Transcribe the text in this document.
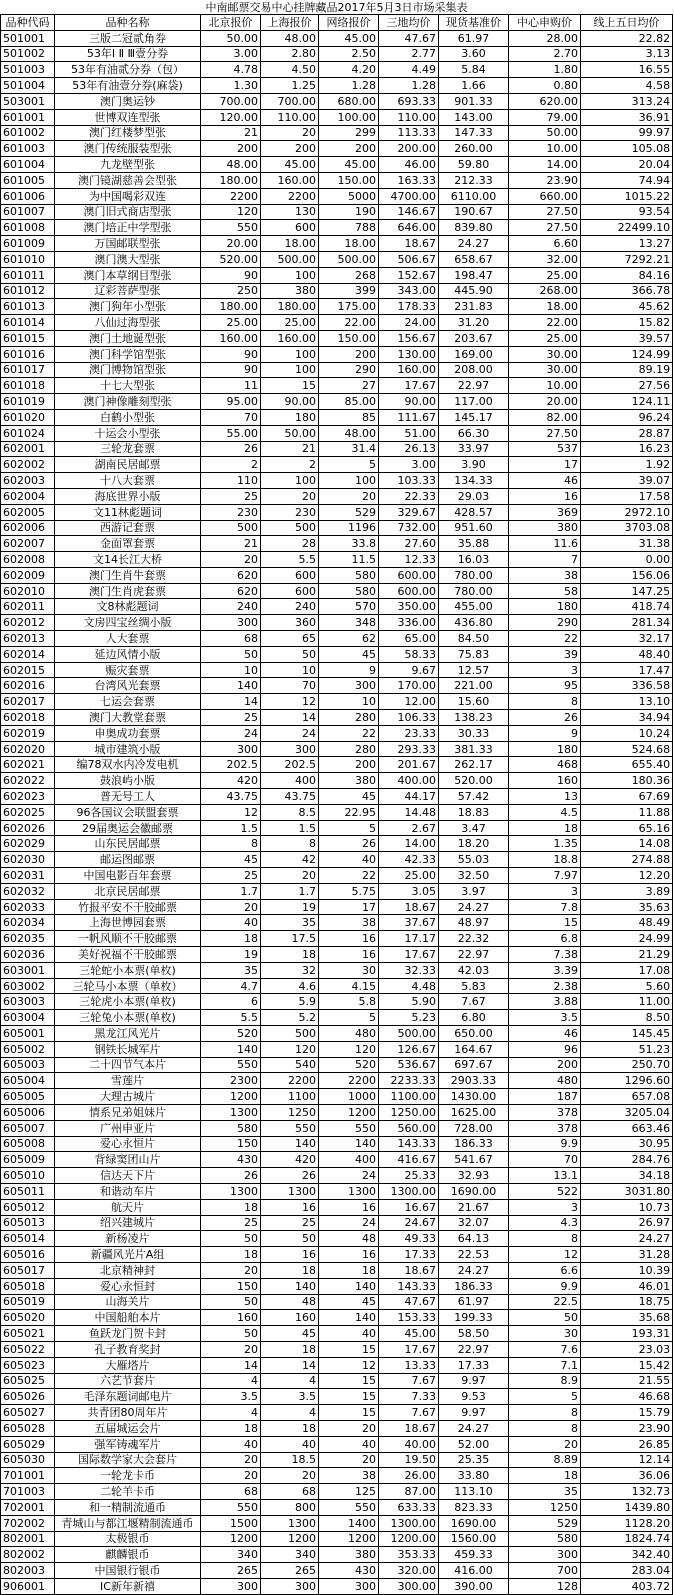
中南邮票交易中心挂牌藏品2017年5月3日市场采集表								
品种代码	品种名称	北京报价	上海报价	网络报价	三地均价	现货基准价	中心申购价	线上五日均价
501001	三版二冠贰角券	50.00	48.00	45.00	47.67	61.97	28.00	22.82
501002	53年Ⅰ Ⅱ Ⅲ壹分券	3.00	2.80	2.50	2.77	3.60	2.70	3.13
501003	53年有油贰分券（包）	4.78	4.50	4.20	4.49	5.84	1.80	16.55
501004	53年有油壹分券(麻袋)	1.30	1.25	1.28	1.28	1.66	0.80	4.58
503001	澳门奥运钞	700.00	700.00	680.00	693.33	901.33	620.00	313.24
601001	世博双连型张	120.00	110.00	100.00	110.00	143.00	79.00	36.91
601002	澳门红楼梦型张	21	20	299	113.33	147.33	50.00	99.97
601003	澳门传统服装型张	200	200	200	200.00	260.00	10.00	105.08
601004	九龙壁型张	48.00	45.00	45.00	46.00	59.80	14.00	20.04
601005	澳门镜湖慈善会型张	180.00	160.00	150.00	163.33	212.33	23.90	74.94
601006	为中国喝彩双连	2200	2200	5000	4700.00	6110.00	660.00	1015.22
601007	澳门旧式商店型张	120	130	190	146.67	190.67	27.50	93.54
601008	澳门培正中学型张	550	600	788	646.00	839.80	27.50	22499.10
601009	万国邮联型张	20.00	18.00	18.00	18.67	24.27	6.60	13.27
601010	澳门澳大型张	520.00	500.00	500.00	506.67	658.67	32.00	7292.21
601011	澳门本草纲目型张	90	100	268	152.67	198.47	25.00	84.16
601012	辽彩菩萨型张	250	380	399	343.00	445.90	268.00	366.78
601013	澳门狗年小型张	180.00	180.00	175.00	178.33	231.83	18.00	45.62
601014	八仙过海型张	25.00	25.00	22.00	24.00	31.20	22.00	15.82
601015	澳门土地诞型张	160.00	160.00	150.00	156.67	203.67	25.00	39.57
601016	澳门科学馆型张	90	100	200	130.00	169.00	30.00	124.99
601017	澳门博物馆型张	90	100	290	160.00	208.00	30.00	89.19
601018	十七大型张	11	15	27	17.67	22.97	10.00	27.56
601019	澳门神像雕刻型张	95.00	90.00	85.00	90.00	117.00	20.00	124.11
601020	白鹤小型张	70	180	85	111.67	145.17	82.00	96.24
601024	十运会小型张	55.00	50.00	48.00	51.00	66.30	27.50	28.87
602001	三轮龙套票	26	21	31.4	26.13	33.97	537	16.23
602002	湖南民居邮票	2	2	5	3.00	3.90	17	1.92
602003	十八大套票	110	100	100	103.33	134.33	46	39.07
602004	海底世界小版	25	20	20	22.33	29.03	16	17.58
602005	文11林彪题词	230	230	529	329.67	428.57	369	2972.10
602006	西游记套票	500	500	1196	732.00	951.60	380	3703.08
602007	金面罩套票	21	28	33.8	27.60	35.88	11.6	31.38
602008	文14长江大桥	20	5.5	11.5	12.33	16.03	7	0.00
602009	澳门生肖牛套票	620	600	580	600.00	780.00	38	156.06
602010	澳门生肖虎套票	620	600	580	600.00	780.00	58	147.25
602011	文8林彪题词	240	240	570	350.00	455.00	180	418.74
602012	文房四宝丝绸小版	300	360	348	336.00	436.80	290	281.34
602013	人大套票	68	65	62	65.00	84.50	22	32.17
602014	延边风情小版	50	50	45	58.33	75.83	39	48.40
602015	赈灾套票	10	10	9	9.67	12.57	3	17.47
602016	台湾风光套票	140	70	300	170.00	221.00	95	336.58
602017	七运会套票	14	12	10	12.00	15.60	8	13.10
602018	澳门大教堂套票	25	14	280	106.33	138.23	26	34.94
602019	申奥成功套票	24	24	22	23.33	30.33	9	10.24
602020	城市建筑小版	300	300	280	293.33	381.33	180	524.68
602021	编78双水内冷发电机	202.5	202.5	200	201.67	262.17	468	655.40
602022	鼓浪屿小版	420	400	380	400.00	520.00	160	180.36
602023	普无号工人	43.75	43.75	45	44.17	57.42	13	67.69
602025	96各国议会联盟套票	12	8.5	22.95	14.48	18.83	4.5	11.88
602026	29届奥运会徽邮票	1.5	1.5	5	2.67	3.47	18	65.16
602029	山东民居邮票	8	8	26	14.00	18.20	1.35	14.08
602030	邮运图邮票	45	42	40	42.33	55.03	18.8	274.88
602031	中国电影百年套票	25	20	22	25.00	32.50	7.97	12.20
602032	北京民居邮票	1.7	1.7	5.75	3.05	3.97	3	3.89
602033	竹报平安不干胶邮票	20	19	17	18.67	24.27	7.8	35.63
602034	上海世博园套票	40	35	38	37.67	48.97	15	48.49
602035	一帆风顺不干胶邮票	18	17.5	16	17.17	22.32	6.8	24.99
602036	美好祝福不干胶邮票	19	18	16	17.67	22.97	7.38	21.29
603001	三轮蛇小本票(单枚)	35	32	30	32.33	42.03	3.39	17.08
603002	三轮马小本票（单枚）	4.7	4.6	4.15	4.48	5.83	2.38	5.60
603003	三轮虎小本票(单枚)	6	5.9	5.8	5.90	7.67	3.88	11.00
603004	三轮兔小本票(单枚)	5.5	5.2	5	5.23	6.80	3.5	8.50
605001	黑龙江风光片	520	500	480	500.00	650.00	46	145.45
605002	钢铁长城军片	140	120	120	126.67	164.67	96	51.23
605003	二十四节气本片	550	540	520	536.67	697.67	200	250.70
605004	雪莲片	2300	2200	2200	2233.33	2903.33	480	1296.60
605005	大理古城片	1200	1100	1000	1100.00	1430.00	187	657.08
605006	情系兄弟姐妹片	1300	1250	1200	1250.00	1625.00	378	3205.04
605007	广州申亚片	580	550	550	560.00	728.00	378	663.46
605008	爱心永恒片	150	140	140	143.33	186.33	9.9	30.95
605009	背绿窦团山片	430	420	400	416.67	541.67	70	284.76
605010	信达天下片	26	26	24	25.33	32.93	13.1	34.18
605011	和谐动车片	1300	1300	1300	1300.00	1690.00	522	3031.80
605012	航天片	18	16	16	16.67	21.67	3	10.73
605013	绍兴建城片	25	25	24	24.67	32.07	4.3	26.97
605014	新杨凌片	50	50	48	49.33	64.13	8	24.27
605016	新疆风光片A组	18	16	16	17.33	22.53	12	31.28
605017	北京精神封	20	18	18	18.67	24.27	6.6	10.39
605018	爱心永恒封	150	140	140	143.33	186.33	9.9	46.01
605019	山海关片	50	48	45	47.67	61.97	22.5	18.75
605020	中国船舶本片	160	160	140	153.33	199.33	50	35.68
605021	鱼跃龙门贺卡封	50	45	40	45.00	58.50	30	193.31
605022	孔子教育奖封	20	18	15	17.67	22.97	7.6	23.03
605023	大雁塔片	14	14	12	13.33	17.33	7.1	15.42
605025	六艺节套片	4	4	15	7.67	9.97	8.9	21.55
605026	毛泽东题词邮电片	3.5	3.5	15	7.33	9.53	5	46.68
605027	共青团80周年片	4	4	15	7.67	9.97	8	15.79
605028	五届城运会片	18	18	20	18.67	24.27	8	23.90
605029	强军铸魂军片	40	40	40	40.00	52.00	20	26.85
605030	国际数学家大会套片	20	18.5	20	19.50	25.35	8.89	12.14
701001	一轮龙卡币	20	20	38	26.00	33.80	18	36.06
701003	二轮羊卡币	68	68	125	87.00	113.10	35	132.73
702001	和一精制流通币	550	800	550	633.33	823.33	1250	1439.80
702002	青城山与都江堰精制流通币	1500	1300	1400	1300.00	1690.00	529	1128.20
802001	太极银币	1200	1200	1200	1200.00	1560.00	580	1824.74
802002	麒麟银币	340	340	380	353.33	459.33	300	342.40
802003	中国银行银币	265	265	430	320.00	416.00	700	283.04
906001	IC新年新禧	300	300	300	300.00	390.00	128	403.72
